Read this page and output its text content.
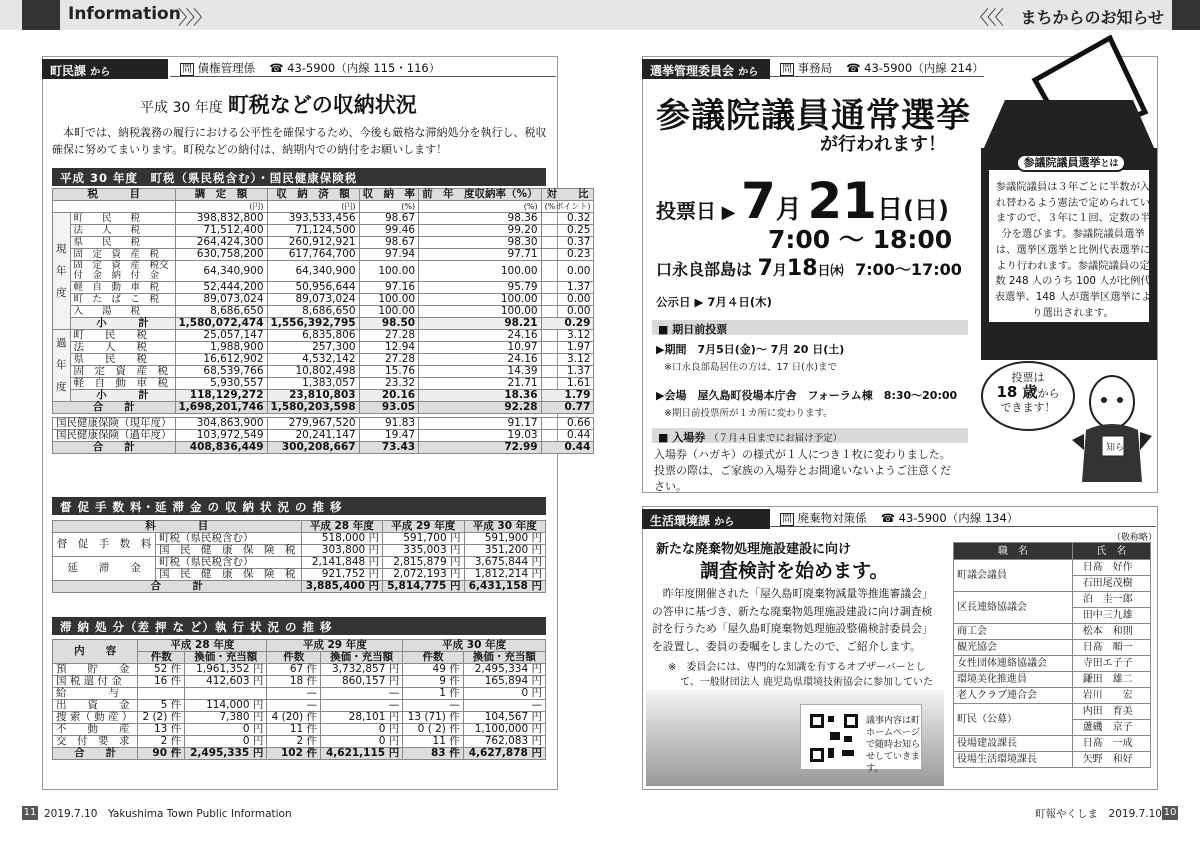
Information
〉〉〉	〈〈〈 まちからのお知らせ
町民課 から	問 債権管理係 ☎ 43-5900（内線 115・116）
平成 30 年度 町税などの収納状況
本町では、納税義務の履行における公平性を確保するため、今後も厳格な滞納処分を執行し、税収確保に努めてまいります。町税などの納付は、納期内での納付をお願いします！
平成 30 年度　町税（県民税含む）・国民健康保険税
税　　　目		調　定　額	収　納　済　額	収　納　率	前　年　度収納率（%）	対　　比
		(円)	(円)	(%)	(%)	(%ポイント)
現

年

度	町　　民　　税	398,832,800	393,533,456	98.67	98.36	0.32
	法　　人　　税	71,512,400	71,124,500	99.46	99.20	0.25
	県　　民　　税	264,424,300	260,912,921	98.67	98.30	0.37
	固　定　資　産　税	630,758,200	617,764,700	97.94	97.71	0.23
	固　定　資　産　税交　付　金　納　付　金	64,340,900	64,340,900	100.00	100.00	0.00
	軽　自　動　車　税	52,444,200	50,956,644	97.16	95.79	1.37
	町　た　ば　こ　税	89,073,024	89,073,024	100.00	100.00	0.00
	入　　湯　　税	8,686,650	8,686,650	100.00	100.00	0.00
	小　　　計	1,580,072,474	1,556,392,795	98.50	98.21	0.29
過

年

度	町　　民　　税	25,057,147	6,835,806	27.28	24.16	3.12
	法　　人　　税	1,988,900	257,300	12.94	10.97	1.97
	県　　民　　税	16,612,902	4,532,142	27.28	24.16	3.12
	固　定　資　産　税	68,539,766	10,802,498	15.76	14.39	1.37
	軽　自　動　車　税	5,930,557	1,383,057	23.32	21.71	1.61
	小　　　計	118,129,272	23,810,803	20.16	18.36	1.79
合　　計		1,698,201,746	1,580,203,598	93.05	92.28	0.77

国民健康保険（現年度）		304,863,900	279,967,520	91.83	91.17	0.66
国民健康保険（過年度）		103,972,549	20,241,147	19.47	19.03	0.44
合　　計		408,836,449	300,208,667	73.43	72.99	0.44
督 促 手 数 料・延 滞 金 の 収 納 状 況 の 推 移
科　　　　目		平成 28 年度	平成 29 年度	平成 30 年度
督　促　手　数　料	町税（県民税含む）	518,000 円	591,700 円	591,900 円
	国　民　健　康　保　険　税	303,800 円	335,003 円	351,200 円
延　　滞　　金	町税（県民税含む）	2,141,848 円	2,815,879 円	3,675,844 円
	国　民　健　康　保　険　税	921,752 円	2,072,193 円	1,812,214 円
合　　　計		3,885,400 円	5,814,775 円	6,431,158 円
滞 納 処 分（差 押 な ど）執 行 状 況 の 推 移
内　　容	平成 28 年度		平成 29 年度		平成 30 年度	
	件数	換価・充当額	件数	換価・充当額	件数	換価・充当額
預　　貯　　金	52 件	1,961,352 円	67 件	3,732,857 円	49 件	2,495,334 円
国 税 還 付 金	16 件	412,603 円	18 件	860,157 円	9 件	165,894 円
給　　　　与			—	—	1 件	0 円
出　　資　　金	5 件	114,000 円	—	—	—	—
捜 索（ 動 産 ）	2 (2) 件	7,380 円	4 (20) 件	28,101 円	13 (71) 件	104,567 円
不　　動　　産	13 件	0 円	11 件	0 円	0 ( 2) 件	1,100,000 円
交　付　要　求	2 件	0 円	2 件	0 円	11 件	762,083 円
合　　計	90 件	2,495,335 円	102 件	4,621,115 円	83 件	4,627,878 円
選挙管理委員会 から	問 事務局 ☎ 43-5900（内線 214）
参議院議員通常選挙
が行われます！
投票日 ▶ 7月 21日(日)
7:00 ～ 18:00
口永良部島は 7月18日㈭ 7:00～17:00
公示日 ▶ 7月４日(木)
■ 期日前投票
▶期間　7月5日(金)～ 7月 20 日(土)
※口永良部島居住の方は、17 日(水)まで
▶会場　屋久島町役場本庁舎　フォーラム棟　8:30～20:00
※期日前投票所が１カ所に変わります。
■ 入場券 （７月４日までにお届け予定）
入場券（ハガキ）の様式が１人につき１枚に変わりました。投票の際は、ご家族の入場券とお間違いないようご注意ください。
参議院議員選挙とは
参議院議員は３年ごとに半数が入れ替わるよう憲法で定められていますので、３年に１回、定数の半分を選びます。参議院議員選挙は、選挙区選挙と比例代表選挙により行われます。参議院議員の定数 248 人のうち 100 人が比例代表選挙、148 人が選挙区選挙により選出されます。
投票は
18 歳から
できます！
知ら
生活環境課 から	問 廃棄物対策係 ☎ 43-5900（内線 134）
新たな廃棄物処理施設建設に向け
調査検討を始めます。
昨年度開催された「屋久島町廃棄物減量等推進審議会」の答申に基づき、新たな廃棄物処理施設建設に向け調査検討を行うため「屋久島町廃棄物処理施設整備検討委員会」を設置し、委員の委嘱をしましたので、ご紹介します。
※　委員会には、専門的な知識を有するオブザーバーとして、一般財団法人 鹿児島県環境技術協会に参加していた
議事内容は町ホームページで随時お知らせしていきます。
（敬称略）
職　名	氏　名
町議会議員	日髙　好作
	石田尾茂樹
区長連絡協議会	泊　圭一郎
	田中三九雄
商工会	松本　和則
観光協会	日髙　順一
女性団体連絡協議会	寺田エ子子
環境美化推進員	鎌田　雄二
老人クラブ連合会	岩川　　宏
町民（公募）	内田　育美
	蘆磯　京子
役場建設課長	日髙　一成
役場生活環境課長	矢野　和好
11 2019.7.10　Yakushima Town Public Information	町報やくしま　2019.7.10 10
